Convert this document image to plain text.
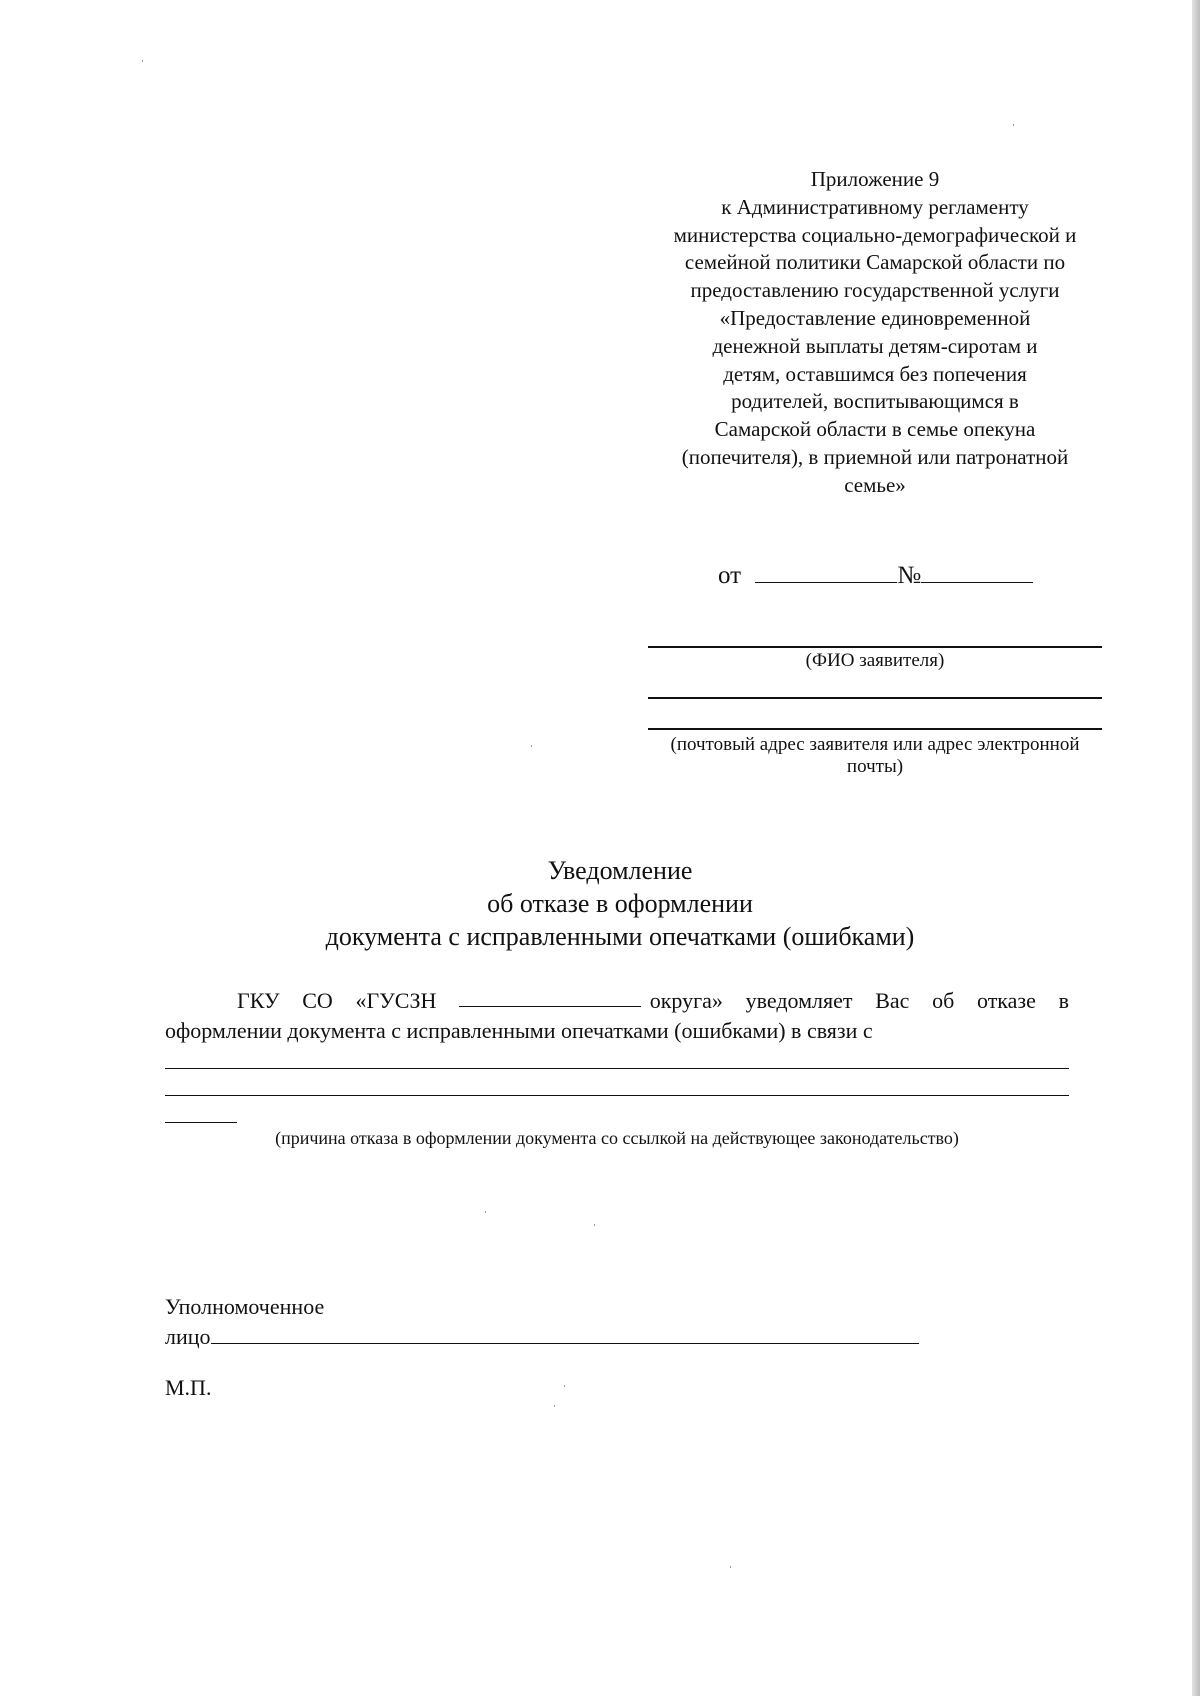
Приложение 9
к Административному регламенту
министерства социально-демографической и
семейной политики Самарской области по
предоставлению государственной услуги
«Предоставление единовременной
денежной выплаты детям-сиротам и
детям, оставшимся без попечения
родителей, воспитывающимся в
Самарской области в семье опекуна
(попечителя), в приемной или патронатной
семье»
от	№
(ФИО заявителя)
(почтовый адрес заявителя или адрес электронной
почты)
Уведомление
об отказе в оформлении
документа с исправленными опечатками (ошибками)
ГКУ СО «ГУСЗН	округа» уведомляет Вас об отказе в
оформлении документа с исправленными опечатками (ошибками) в связи с
(причина отказа в оформлении документа со ссылкой на действующее законодательство)
Уполномоченное
лицо
М.П.
